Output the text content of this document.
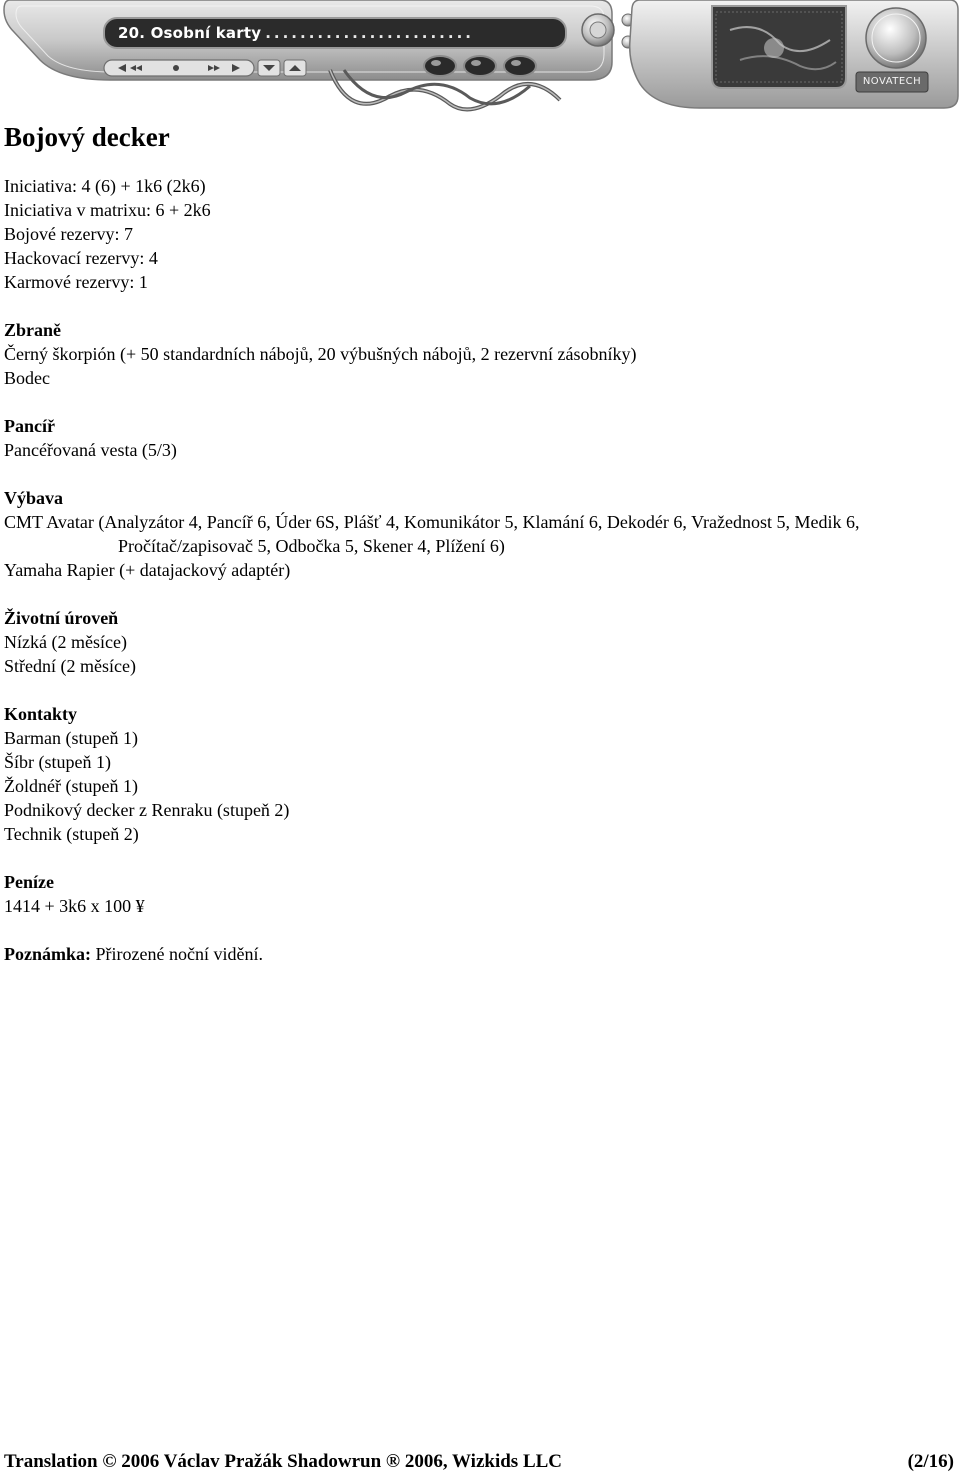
20. Osobní karty ........................
NOVATECH
Bojový decker
Iniciativa: 4 (6) + 1k6 (2k6)
Iniciativa v matrixu: 6 + 2k6
Bojové rezervy: 7
Hackovací rezervy: 4
Karmové rezervy: 1
Zbraně
Černý škorpión (+ 50 standardních nábojů, 20 výbušných nábojů, 2 rezervní zásobníky)
Bodec
Pancíř
Pancéřovaná vesta (5/3)
Výbava
CMT Avatar (Analyzátor 4, Pancíř 6, Úder 6S, Plášť 4, Komunikátor 5, Klamání 6, Dekodér 6, Vražednost 5, Medik 6, Pročítač/zapisovač 5, Odbočka 5, Skener 4, Plížení 6)
Yamaha Rapier (+ datajackový adaptér)
Životní úroveň
Nízká (2 měsíce)
Střední (2 měsíce)
Kontakty
Barman (stupeň 1)
Šíbr (stupeň 1)
Žoldnéř (stupeň 1)
Podnikový decker z Renraku (stupeň 2)
Technik (stupeň 2)
Peníze
1414 + 3k6 x 100 ¥
Poznámka: Přirozené noční vidění.
Translation © 2006 Václav Pražák Shadowrun ® 2006, Wizkids LLC	(2/16)
